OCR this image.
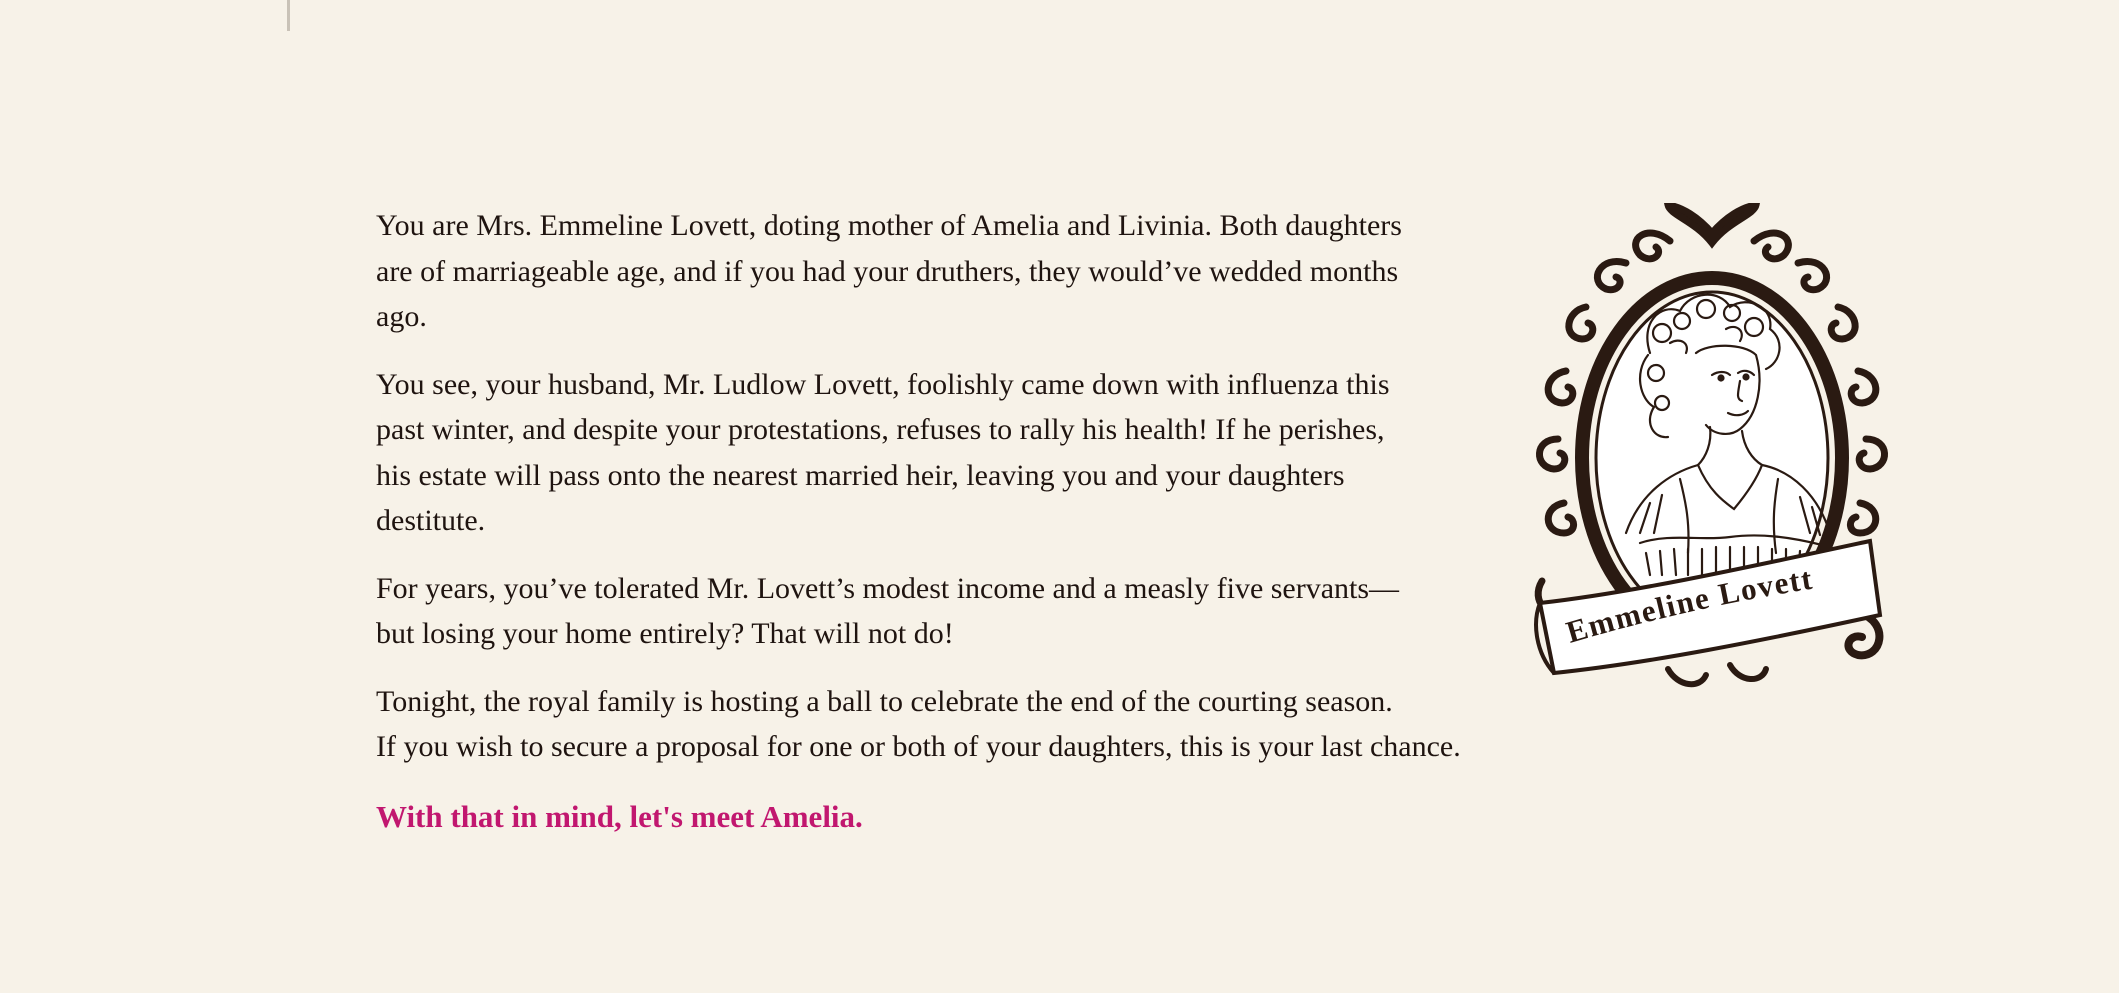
You are Mrs. Emmeline Lovett, doting mother of Amelia and Livinia. Both daughters
are of marriageable age, and if you had your druthers, they would’ve wedded months
ago.

You see, your husband, Mr. Ludlow Lovett, foolishly came down with influenza this
past winter, and despite your protestations, refuses to rally his health! If he perishes,
his estate will pass onto the nearest married heir, leaving you and your daughters
destitute.

For years, you’ve tolerated Mr. Lovett’s modest income and a measly five servants—
but losing your home entirely? That will not do!

Tonight, the royal family is hosting a ball to celebrate the end of the courting season.
If you wish to secure a proposal for one or both of your daughters, this is your last chance.

With that in mind, let's meet Amelia.
Emmeline Lovett
